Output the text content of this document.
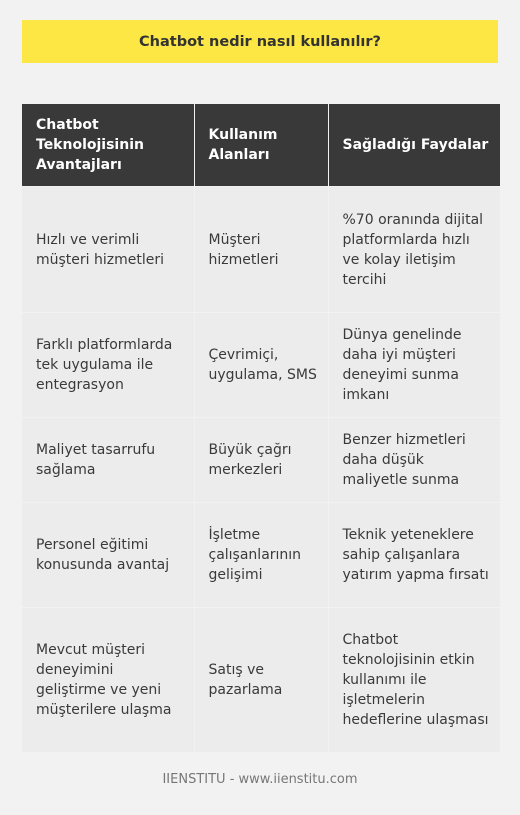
Chatbot nedir nasıl kullanılır?
Chatbot Teknolojisinin Avantajları	Kullanım Alanları	Sağladığı Faydalar
Hızlı ve verimli müşteri hizmetleri	Müşteri hizmetleri	%70 oranında dijital platformlarda hızlı ve kolay iletişim tercihi
Farklı platformlarda tek uygulama ile entegrasyon	Çevrimiçi, uygulama, SMS	Dünya genelinde daha iyi müşteri deneyimi sunma imkanı
Maliyet tasarrufu sağlama	Büyük çağrı merkezleri	Benzer hizmetleri daha düşük maliyetle sunma
Personel eğitimi konusunda avantaj	İşletme çalışanlarının gelişimi	Teknik yeteneklere sahip çalışanlara yatırım yapma fırsatı
Mevcut müşteri deneyimini geliştirme ve yeni müşterilere ulaşma	Satış ve pazarlama	Chatbot teknolojisinin etkin kullanımı ile işletmelerin hedeflerine ulaşması
IIENSTITU - www.iienstitu.com
